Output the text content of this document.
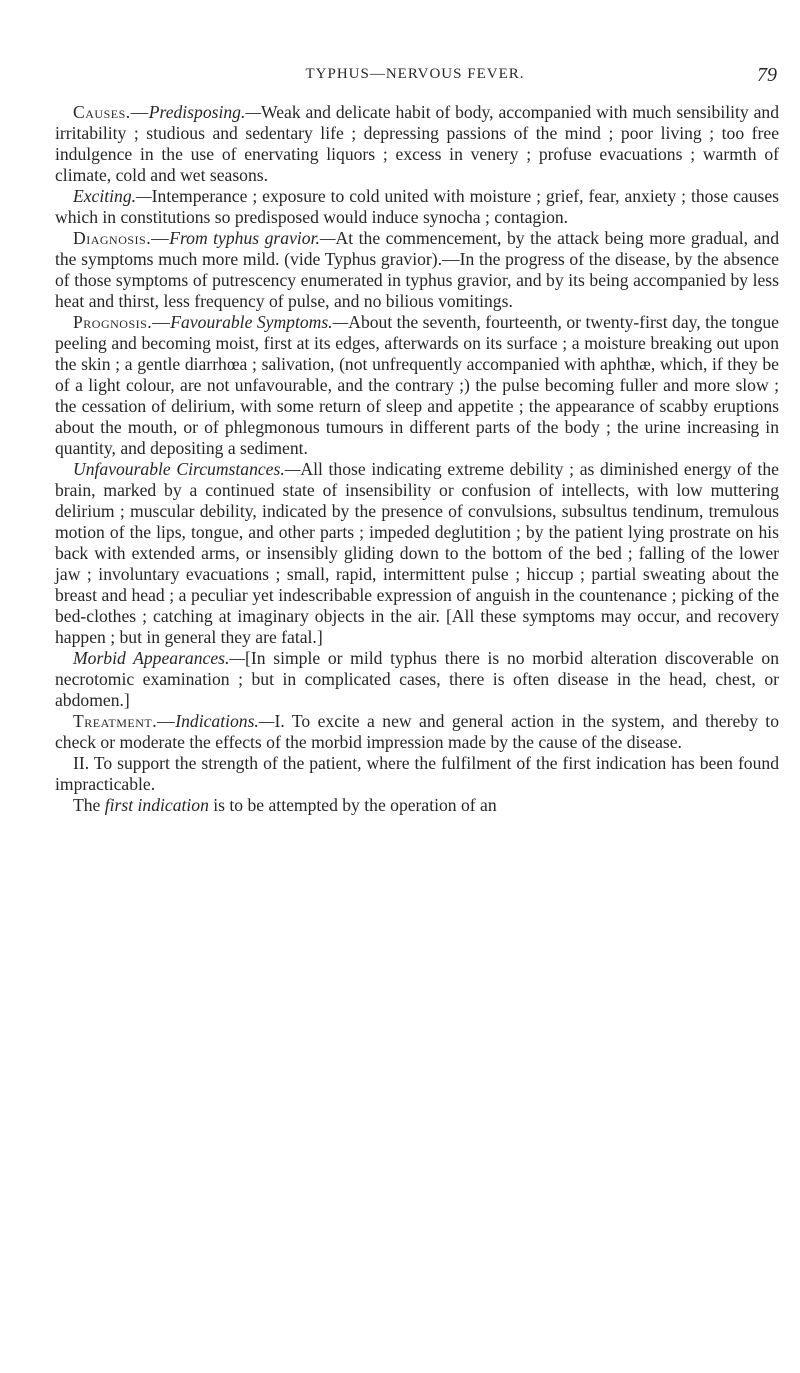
TYPHUS—NERVOUS FEVER.	79

Causes.—Predisposing.—Weak and delicate habit of body, accompanied with much sensibility and irritability ; studious and sedentary life ; depressing passions of the mind ; poor living ; too free indulgence in the use of enervating liquors ; excess in venery ; profuse evacuations ; warmth of climate, cold and wet seasons.

Exciting.—Intemperance ; exposure to cold united with moisture ; grief, fear, anxiety ; those causes which in constitutions so predisposed would induce synocha ; contagion.

Diagnosis.—From typhus gravior.—At the commencement, by the attack being more gradual, and the symptoms much more mild. (vide Typhus gravior).—In the progress of the disease, by the absence of those symptoms of putrescency enumerated in typhus gravior, and by its being accompanied by less heat and thirst, less frequency of pulse, and no bilious vomitings.

Prognosis.—Favourable Symptoms.—About the seventh, fourteenth, or twenty-first day, the tongue peeling and becoming moist, first at its edges, afterwards on its surface ; a moisture breaking out upon the skin ; a gentle diarrhœa ; salivation, (not unfrequently accompanied with aphthæ, which, if they be of a light colour, are not unfavourable, and the contrary ;) the pulse becoming fuller and more slow ; the cessation of delirium, with some return of sleep and appetite ; the appearance of scabby eruptions about the mouth, or of phlegmonous tumours in different parts of the body ; the urine increasing in quantity, and depositing a sediment.

Unfavourable Circumstances.—All those indicating extreme debility ; as diminished energy of the brain, marked by a continued state of insensibility or confusion of intellects, with low muttering delirium ; muscular debility, indicated by the presence of convulsions, subsultus tendinum, tremulous motion of the lips, tongue, and other parts ; impeded deglutition ; by the patient lying prostrate on his back with extended arms, or insensibly gliding down to the bottom of the bed ; falling of the lower jaw ; involuntary evacuations ; small, rapid, intermittent pulse ; hiccup ; partial sweating about the breast and head ; a peculiar yet indescribable expression of anguish in the countenance ; picking of the bed-clothes ; catching at imaginary objects in the air. [All these symptoms may occur, and recovery happen ; but in general they are fatal.]

Morbid Appearances.—[In simple or mild typhus there is no morbid alteration discoverable on necrotomic examination ; but in complicated cases, there is often disease in the head, chest, or abdomen.]

Treatment.—Indications.—I. To excite a new and general action in the system, and thereby to check or moderate the effects of the morbid impression made by the cause of the disease.

II. To support the strength of the patient, where the fulfilment of the first indication has been found impracticable.

The first indication is to be attempted by the operation of an
